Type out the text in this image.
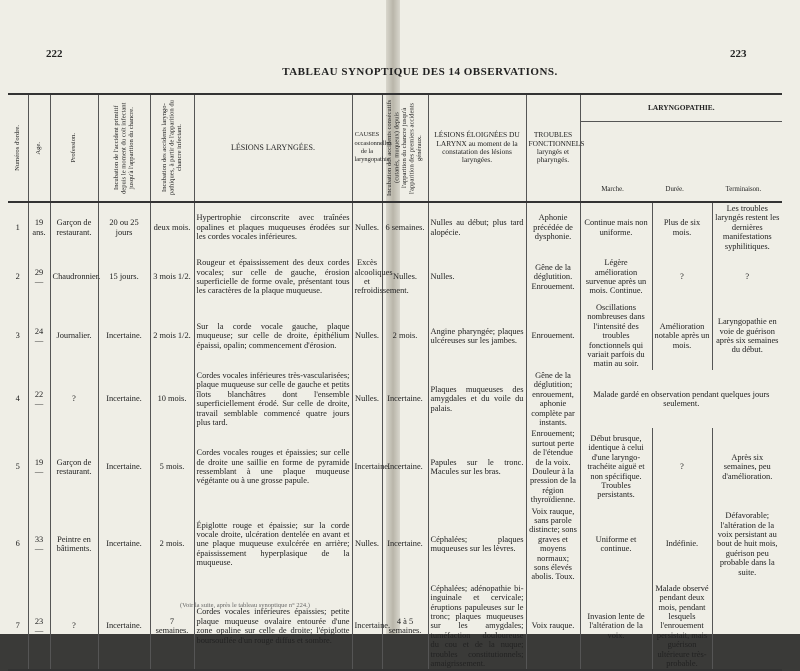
222	223
TABLEAU SYNOPTIQUE DES 14 OBSERVATIONS.
Numéros d'ordre.	Age.	Profession.	Incubation de l'accident primitif depuis le moment du coït infectant jusqu'à l'apparition du chancre.	Incubation des accidents laryngo-pathiques, à partir de l'apparition du chancre infectant.	LÉSIONS LARYNGÉES.	CAUSES occasionnelles de la laryngopathie.	Incubation des accidents consécutifs (cutanés, muqueux) depuis l'apparition du chancre jusqu'à l'apparition des premiers accidents généraux.	LÉSIONS ÉLOIGNÉES DU LARYNX au moment de la constatation des lésions laryngées.	TROUBLES FONCTIONNELS laryngés et pharyngés.	LARYNGOPATHIE.
Marche. Durée. Terminaison.		

1	19 ans.	Garçon de restaurant.	20 ou 25 jours	deux mois.	Hypertrophie circonscrite avec traînées opalines et plaques muqueuses érodées sur les cordes vocales inférieures.	Nulles.	6 semaines.	Nulles au début; plus tard alopécie.	Aphonie précédée de dysphonie.	Continue mais non uniforme.	Plus de six mois.	Les troubles laryngés restent les dernières manifestations syphilitiques.
2	29 —	Chaudronnier.	15 jours.	3 mois 1/2.	Rougeur et épaississement des deux cordes vocales; sur celle de gauche, érosion superficielle de forme ovale, présentant tous les caractères de la plaque muqueuse.	Excès alcooliques et refroidissement.	Nulles.	Nulles.	Gêne de la déglutition. Enrouement.	Légère amélioration survenue après un mois. Continue.	?	?
3	24 —	Journalier.	Incertaine.	2 mois 1/2.	Sur la corde vocale gauche, plaque muqueuse; sur celle de droite, épithélium épaissi, opalin; commencement d'érosion.	Nulles.	2 mois.	Angine pharyngée; plaques ulcéreuses sur les jambes.	Enrouement.	Oscillations nombreuses dans l'intensité des troubles fonctionnels qui variait parfois du matin au soir.	Amélioration notable après un mois.	Laryngopathie en voie de guérison après six semaines du début.
4	22 —	?	Incertaine.	10 mois.	Cordes vocales inférieures très-vascularisées; plaque muqueuse sur celle de gauche et petits îlots blanchâtres dont l'ensemble superficiellement érodé. Sur celle de droite, travail semblable commencé quatre jours plus tard.	Nulles.	Incertaine.	Plaques muqueuses des amygdales et du voile du palais.	Gêne de la déglutition; enrouement, aphonie complète par instants.	Malade gardé en observation pendant quelques jours seulement.		
5	19 —	Garçon de restaurant.	Incertaine.	5 mois.	Cordes vocales rouges et épaissies; sur celle de droite une saillie en forme de pyramide ressemblant à une plaque muqueuse végétante ou à une grosse papule.	Incertaine.	Incertaine.	Papules sur le tronc. Macules sur les bras.	Enrouement; surtout perte de l'étendue de la voix. Douleur à la pression de la région thyroïdienne.	Début brusque, identique à celui d'une laryngo-trachéite aiguë et non spécifique. Troubles persistants.	?	Après six semaines, peu d'amélioration.
6	33 —	Peintre en bâtiments.	Incertaine.	2 mois.	Épiglotte rouge et épaissie; sur la corde vocale droite, ulcération dentelée en avant et une plaque muqueuse exulcérée en arrière; épaississement hyperplasique de la muqueuse.	Nulles.	Incertaine.	Céphalées; plaques muqueuses sur les lèvres.	Voix rauque, sans parole distincte; sons graves et moyens normaux; sons élevés abolis. Toux.	Uniforme et continue.	Indéfinie.	Défavorable; l'altération de la voix persistant au bout de huit mois, guérison peu probable dans la suite.
7	23 —	?	Incertaine.	7 semaines.	Cordes vocales inférieures épaissies; petite plaque muqueuse ovalaire entourée d'une zone opaline sur celle de droite; l'épiglotte boursouflée d'un rouge diffus et sombre.	Incertaine.	4 à 5 semaines.	Céphalées; adénopathie bi-inguinale et cervicale; éruptions papuleuses sur le tronc; plaques muqueuses sur les amygdales; tuméfaction douloureuse du cou et de la nuque; troubles constitutionnels; amaigrissement.	Voix rauque.	Invasion lente de l'altération de la voix.	Malade observé pendant deux mois, pendant lesquels l'enrouement persistait, mais guérison ultérieure très-probable.	
(Voir la suite, après le tableau synoptique n° 224.)
